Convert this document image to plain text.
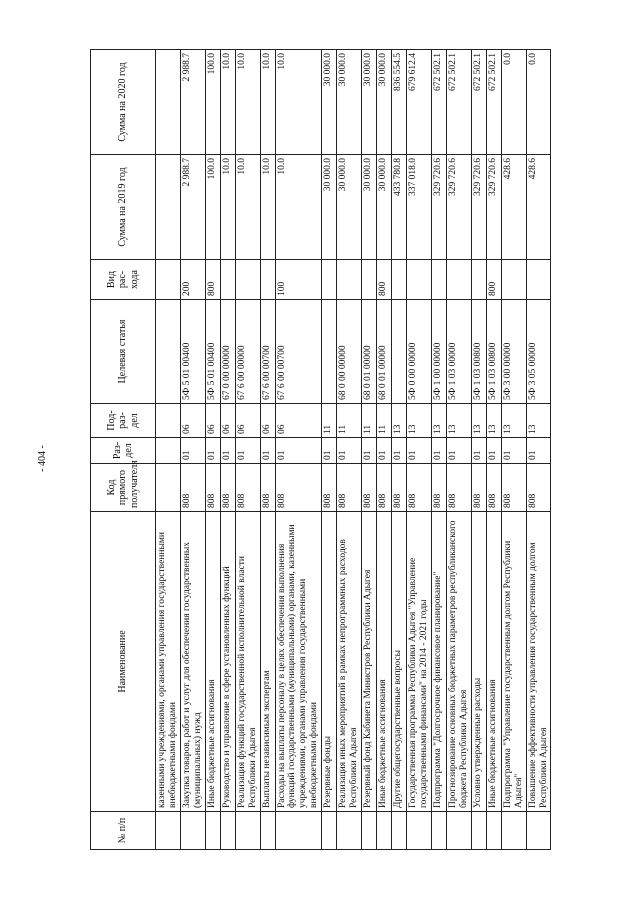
- 404 -
№ п/п	Наименование	Код прямого получателя	Раз-дел	Под-раз-дел	Целевая статья	Вид рас-хода	Сумма на 2019 год	Сумма на 2020 год
	казенными учреждениями, органами управления государственными внебюджетными фондами							
	Закупка товаров, работ и услуг для обеспечения государственных (муниципальных) нужд	808	01	06	5Ф 5 01 00400	200	2 988.7	2 988.7
	Иные бюджетные ассигнования	808	01	06	5Ф 5 01 00400	800	100.0	100.0
	Руководство и управление в сфере установленных функций	808	01	06	67 0 00 00000		10.0	10.0
	Реализация функций государственной исполнительной власти Республики Адыгея	808	01	06	67 6 00 00000		10.0	10.0
	Выплаты независимым экспертам	808	01	06	67 6 00 00700		10.0	10.0
	Расходы на выплаты персоналу в целях обеспечения выполнения функций государственными (муниципальными) органами, казенными учреждениями, органами управления государственными внебюджетными фондами	808	01	06	67 6 00 00700	100	10.0	10.0
	Резервные фонды	808	01	11			30 000.0	30 000.0
	Реализация иных мероприятий в рамках непрограммных расходов Республики Адыгея	808	01	11	68 0 00 00000		30 000.0	30 000.0
	Резервный фонд Кабинета Министров Республики Адыгея	808	01	11	68 0 01 00000		30 000.0	30 000.0
	Иные бюджетные ассигнования	808	01	11	68 0 01 00000	800	30 000.0	30 000.0
	Другие общегосударственные вопросы	808	01	13			433 780.8	836 554.5
	Государственная программа Республики Адыгея "Управление государственными финансами" на 2014 - 2021 годы	808	01	13	5Ф 0 00 00000		337 018.0	679 612.4
	Подпрограмма "Долгосрочное финансовое планирование"	808	01	13	5Ф 1 00 00000		329 720.6	672 502.1
	Прогнозирование основных бюджетных параметров республиканского бюджета Республики Адыгея	808	01	13	5Ф 1 03 00000		329 720.6	672 502.1
	Условно утвержденные расходы	808	01	13	5Ф 1 03 00800		329 720.6	672 502.1
	Иные бюджетные ассигнования	808	01	13	5Ф 1 03 00800	800	329 720.6	672 502.1
	Подпрограмма "Управление государственным долгом Республики Адыгея"	808	01	13	5Ф 3 00 00000		428.6	0.0
	Повышение эффективности управления государственным долгом Республики Адыгея	808	01	13	5Ф 3 05 00000		428.6	0.0
